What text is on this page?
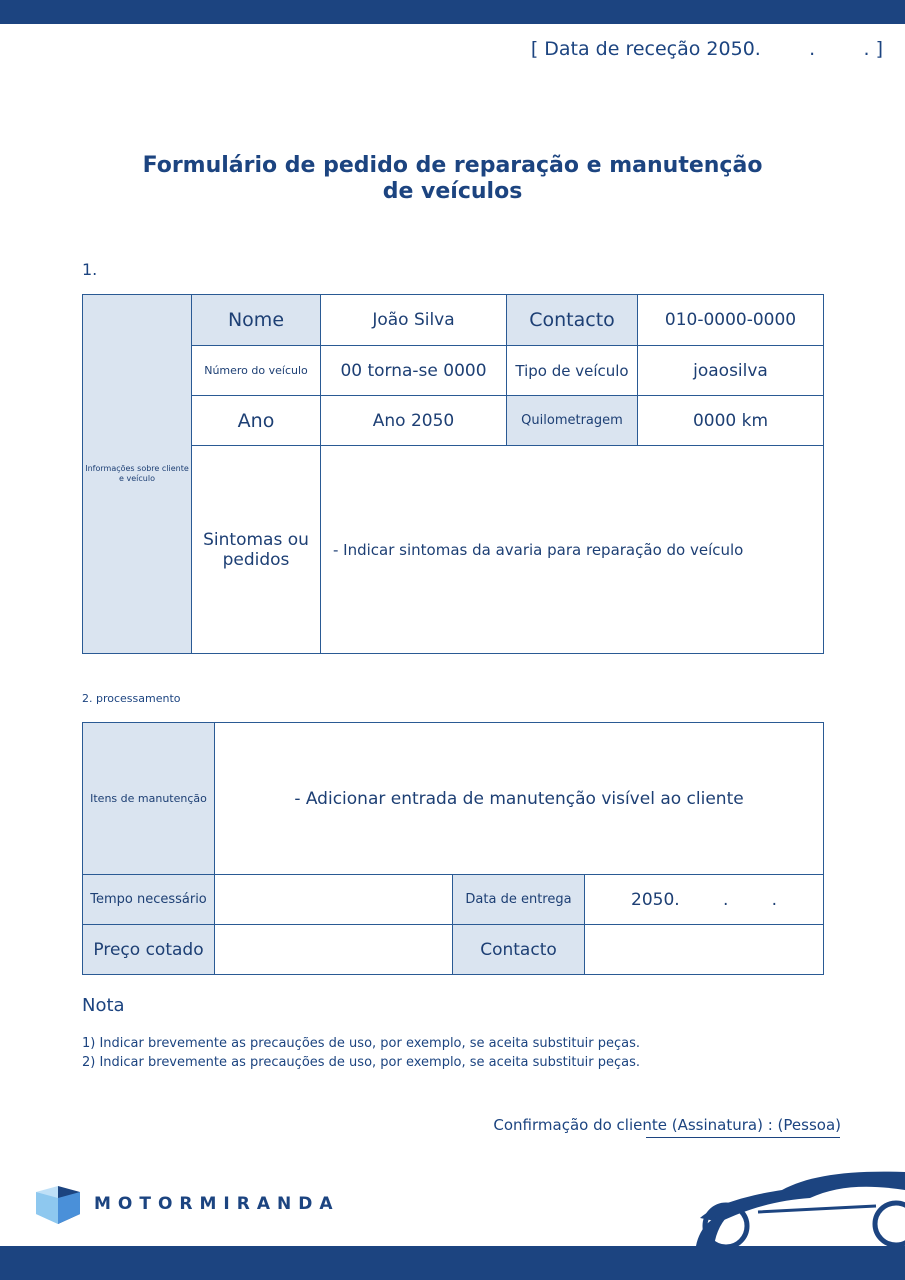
[ Data de receção 2050.        .        . ]
Formulário de pedido de reparação e manutenção
de veículos
1.
Informações sobre cliente e veículo	Nome	João Silva	Contacto	010-0000-0000
	Número do veículo	00 torna-se 0000	Tipo de veículo	joaosilva
	Ano	Ano 2050	Quilometragem	0000 km
	Sintomas ou pedidos	- Indicar sintomas da avaria para reparação do veículo		
2. processamento
Itens de manutenção	- Adicionar entrada de manutenção visível ao cliente		
Tempo necessário		Data de entrega	2050.        .        .
Preço cotado		Contacto	
Nota
1) Indicar brevemente as precauções de uso, por exemplo, se aceita substituir peças.
2) Indicar brevemente as precauções de uso, por exemplo, se aceita substituir peças.
Confirmação do cliente (Assinatura) : (Pessoa)
MOTORMIRANDA
